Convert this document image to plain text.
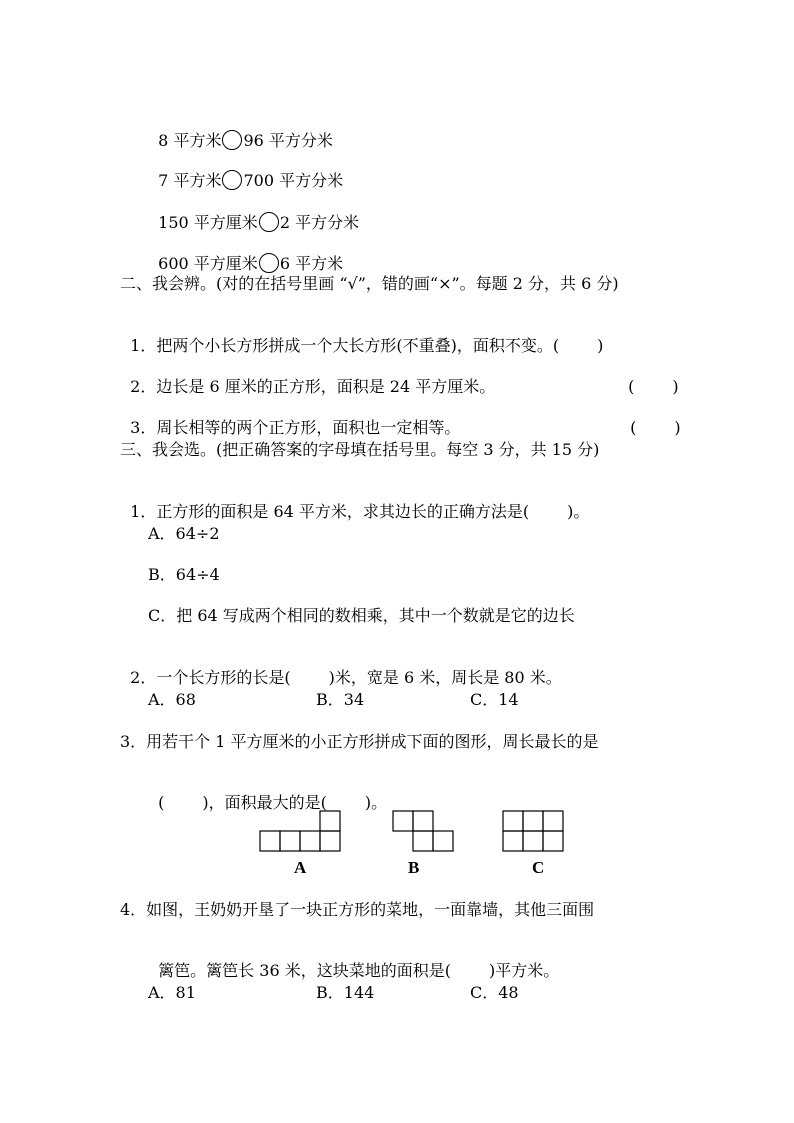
8 平方米 96 平方分米

7 平方米 700 平方分米

150 平方厘米 2 平方分米

600 平方厘米 6 平方米

二、我会辨。(对的在括号里画 “√”，错的画“×”。每题 2 分，共 6 分)

1．把两个小长方形拼成一个大长方形(不重叠)，面积不变。( )

2．边长是 6 厘米的正方形，面积是 24 平方厘米。	( )

3．周长相等的两个正方形，面积也一定相等。	( )

三、我会选。(把正确答案的字母填在括号里。每空 3 分，共 15 分)

1．正方形的面积是 64 平方米，求其边长的正确方法是( )。

A．64÷2
B．64÷4
C．把 64 写成两个相同的数相乘，其中一个数就是它的边长

2．一个长方形的长是( )米，宽是 6 米，周长是 80 米。

A．68	B．34	C．14
3．用若干个 1 平方厘米的小正方形拼成下面的图形，周长最长的是

( )，面积最大的是( )。

A	B	C
4．如图，王奶奶开垦了一块正方形的菜地，一面靠墙，其他三面围

篱笆。篱笆长 36 米，这块菜地的面积是( )平方米。

A．81	B．144	C．48
